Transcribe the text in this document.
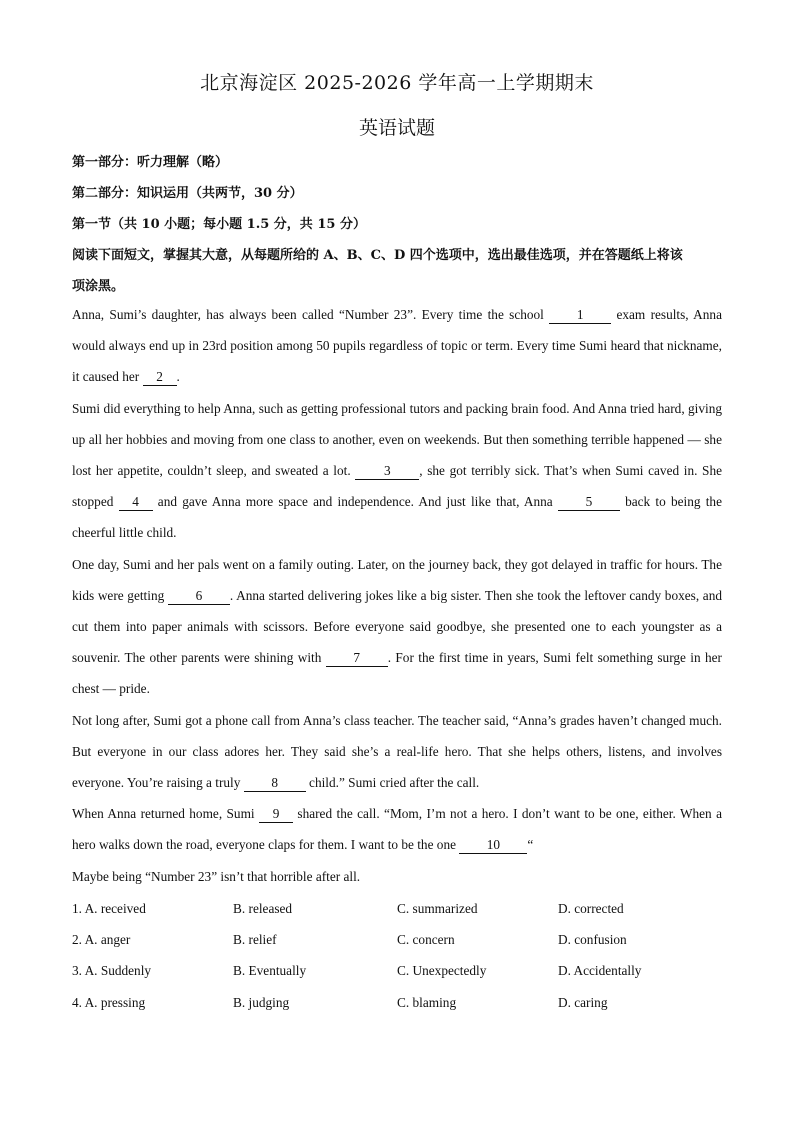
北京海淀区 2025-2026 学年高一上学期期末
英语试题
第一部分：听力理解（略）
第二部分：知识运用（共两节，30 分）
第一节（共 10 小题；每小题 1.5 分，共 15 分）
阅读下面短文，掌握其大意，从每题所给的 A、B、C、D 四个选项中，选出最佳选项，并在答题纸上将该
项涂黑。

Anna, Sumi’s daughter, has always been called “Number 23”. Every time the school 1 exam results, Anna would always end up in 23rd position among 50 pupils regardless of topic or term. Every time Sumi heard that nickname, it caused her 2 .

Sumi did everything to help Anna, such as getting professional tutors and packing brain food. And Anna tried hard, giving up all her hobbies and moving from one class to another, even on weekends. But then something terrible happened — she lost her appetite, couldn’t sleep, and sweated a lot. 3 , she got terribly sick. That’s when Sumi caved in. She stopped 4 and gave Anna more space and independence. And just like that, Anna 5 back to being the cheerful little child.

One day, Sumi and her pals went on a family outing. Later, on the journey back, they got delayed in traffic for hours. The kids were getting 6 . Anna started delivering jokes like a big sister. Then she took the leftover candy boxes, and cut them into paper animals with scissors. Before everyone said goodbye, she presented one to each youngster as a souvenir. The other parents were shining with 7 . For the first time in years, Sumi felt something surge in her chest — pride.

Not long after, Sumi got a phone call from Anna’s class teacher. The teacher said, “Anna’s grades haven’t changed much. But everyone in our class adores her. They said she’s a real-life hero. That she helps others, listens, and involves everyone. You’re raising a truly 8 child.” Sumi cried after the call.

When Anna returned home, Sumi 9 shared the call. “Mom, I’m not a hero. I don’t want to be one, either. When a hero walks down the road, everyone claps for them. I want to be the one 10 “

Maybe being “Number 23” isn’t that horrible after all.

1. A. received	B. released	C. summarized	D. corrected
2. A. anger	B. relief	C. concern	D. confusion
3. A. Suddenly	B. Eventually	C. Unexpectedly	D. Accidentally
4. A. pressing	B. judging	C. blaming	D. caring
